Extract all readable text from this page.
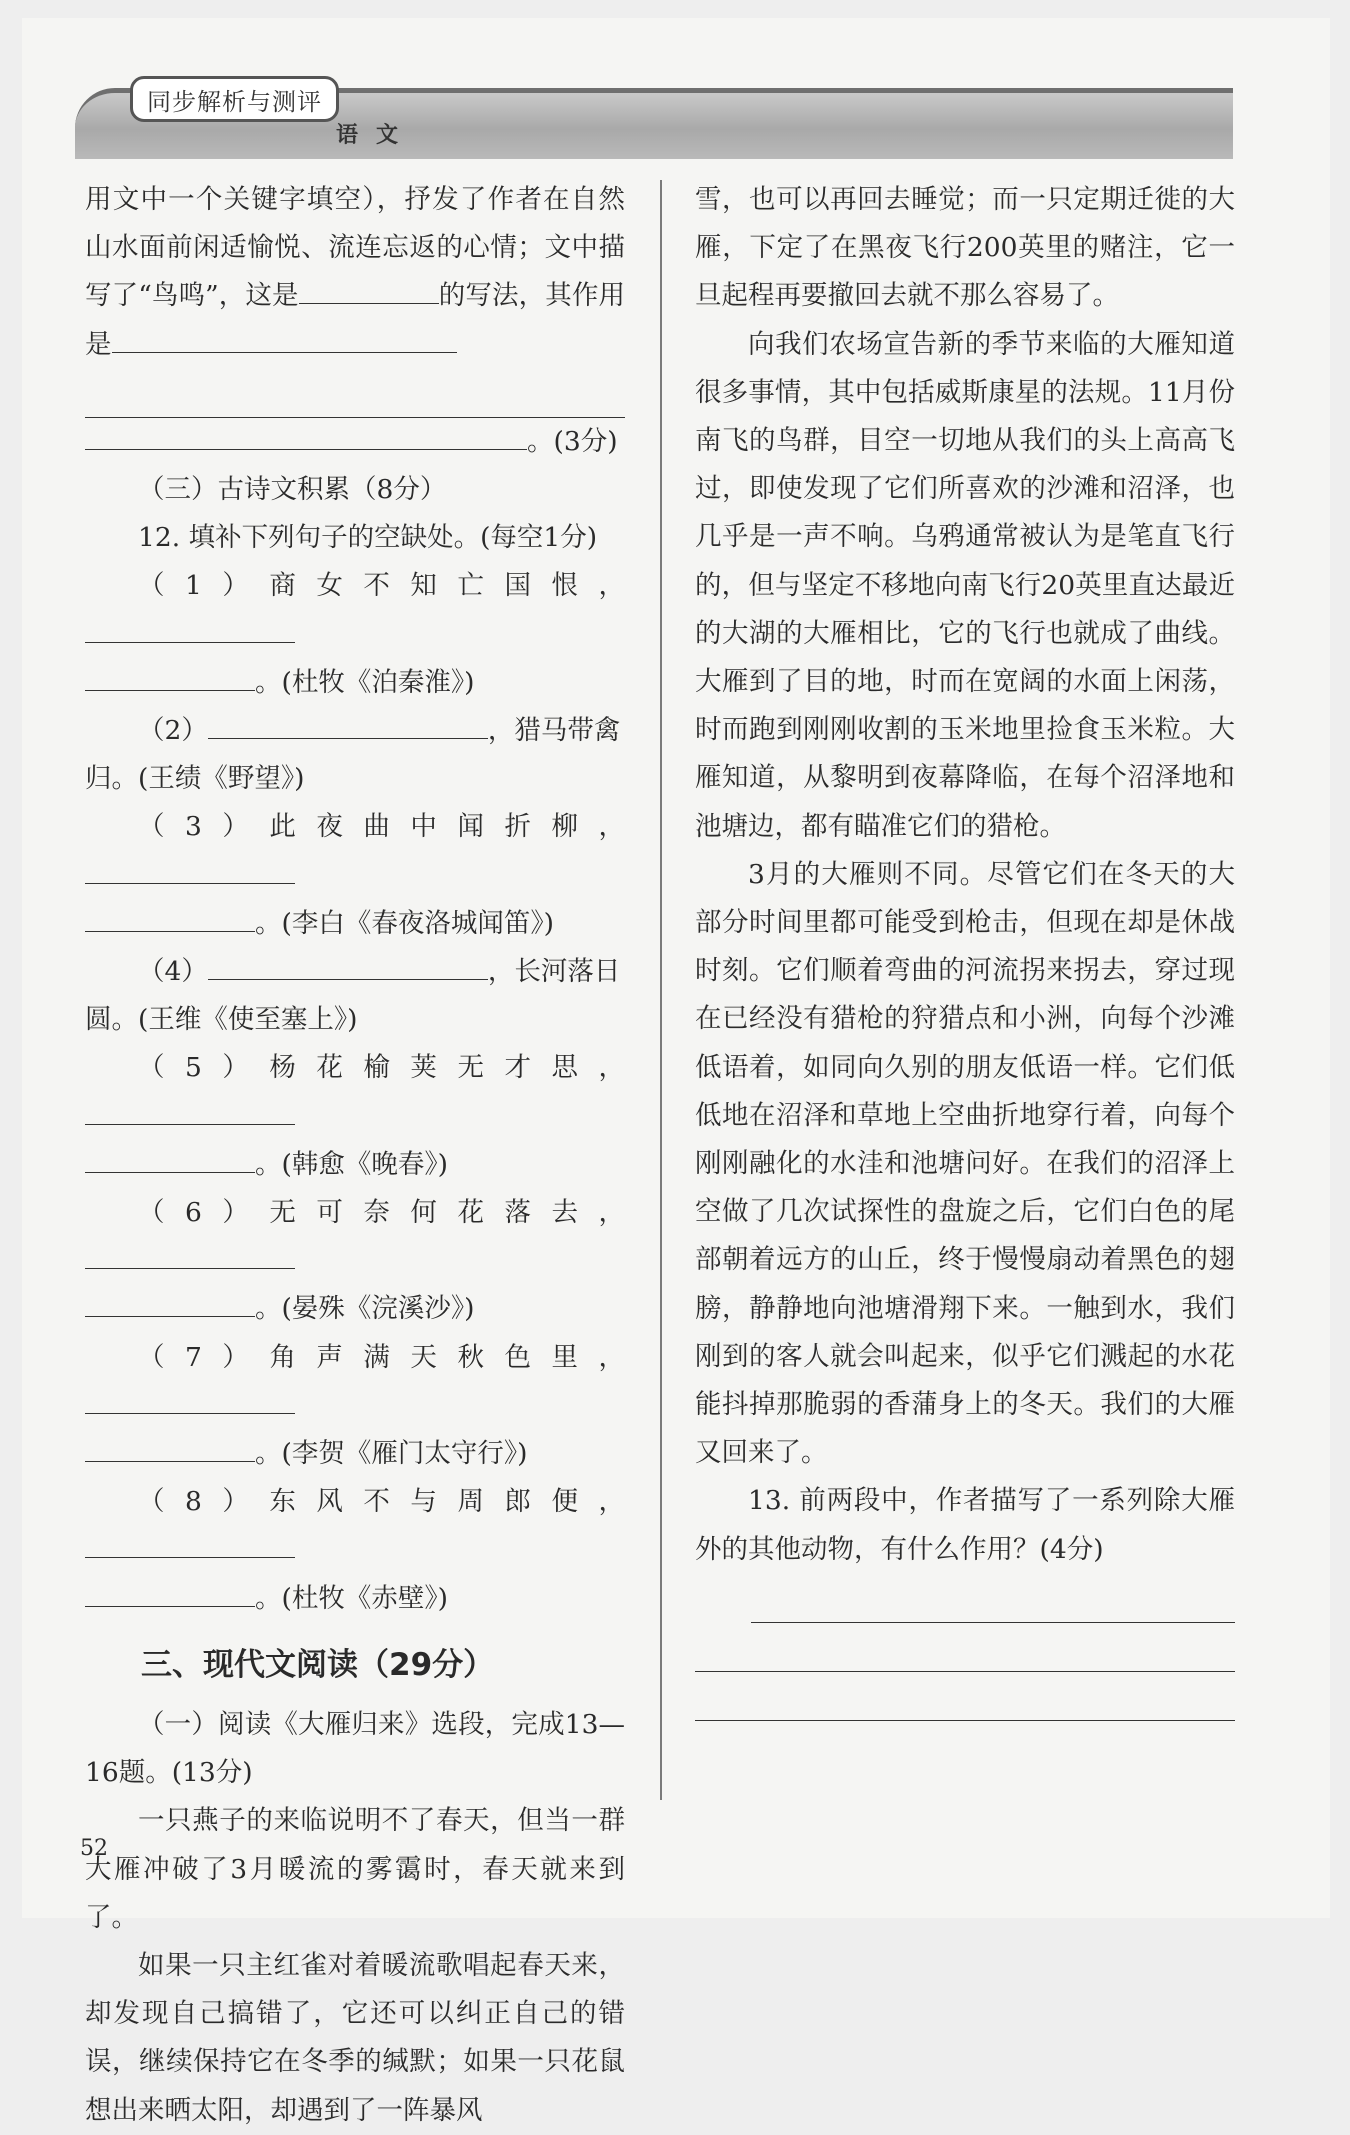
同步解析与测评
语文

用文中一个关键字填空），抒发了作者在自然山水面前闲适愉悦、流连忘返的心情；文中描写了“鸟鸣”，这是	的写法，其作用是

。(3分)

（三）古诗文积累（8分）

12. 填补下列句子的空缺处。(每空1分)

（1）商女不知亡国恨，

。(杜牧《泊秦淮》)

（2）	，猎马带禽

归。(王绩《野望》)

（3）此夜曲中闻折柳，

。(李白《春夜洛城闻笛》)

（4）	，长河落日

圆。(王维《使至塞上》)

（5）杨花榆荚无才思，

。(韩愈《晚春》)

（6）无可奈何花落去，

。(晏殊《浣溪沙》)

（7）角声满天秋色里，

。(李贺《雁门太守行》)

（8）东风不与周郎便，

。(杜牧《赤壁》)

三、现代文阅读（29分）

（一）阅读《大雁归来》选段，完成13—16题。(13分)

一只燕子的来临说明不了春天，但当一群大雁冲破了3月暖流的雾霭时，春天就来到了。

如果一只主红雀对着暖流歌唱起春天来，却发现自己搞错了，它还可以纠正自己的错误，继续保持它在冬季的缄默；如果一只花鼠想出来晒太阳，却遇到了一阵暴风

雪，也可以再回去睡觉；而一只定期迁徙的大雁，下定了在黑夜飞行200英里的赌注，它一旦起程再要撤回去就不那么容易了。

向我们农场宣告新的季节来临的大雁知道很多事情，其中包括威斯康星的法规。11月份南飞的鸟群，目空一切地从我们的头上高高飞过，即使发现了它们所喜欢的沙滩和沼泽，也几乎是一声不响。乌鸦通常被认为是笔直飞行的，但与坚定不移地向南飞行20英里直达最近的大湖的大雁相比，它的飞行也就成了曲线。大雁到了目的地，时而在宽阔的水面上闲荡，时而跑到刚刚收割的玉米地里捡食玉米粒。大雁知道，从黎明到夜幕降临，在每个沼泽地和池塘边，都有瞄准它们的猎枪。

3月的大雁则不同。尽管它们在冬天的大部分时间里都可能受到枪击，但现在却是休战时刻。它们顺着弯曲的河流拐来拐去，穿过现在已经没有猎枪的狩猎点和小洲，向每个沙滩低语着，如同向久别的朋友低语一样。它们低低地在沼泽和草地上空曲折地穿行着，向每个刚刚融化的水洼和池塘问好。在我们的沼泽上空做了几次试探性的盘旋之后，它们白色的尾部朝着远方的山丘，终于慢慢扇动着黑色的翅膀，静静地向池塘滑翔下来。一触到水，我们刚到的客人就会叫起来，似乎它们溅起的水花能抖掉那脆弱的香蒲身上的冬天。我们的大雁又回来了。

13. 前两段中，作者描写了一系列除大雁外的其他动物，有什么作用？(4分)

52
